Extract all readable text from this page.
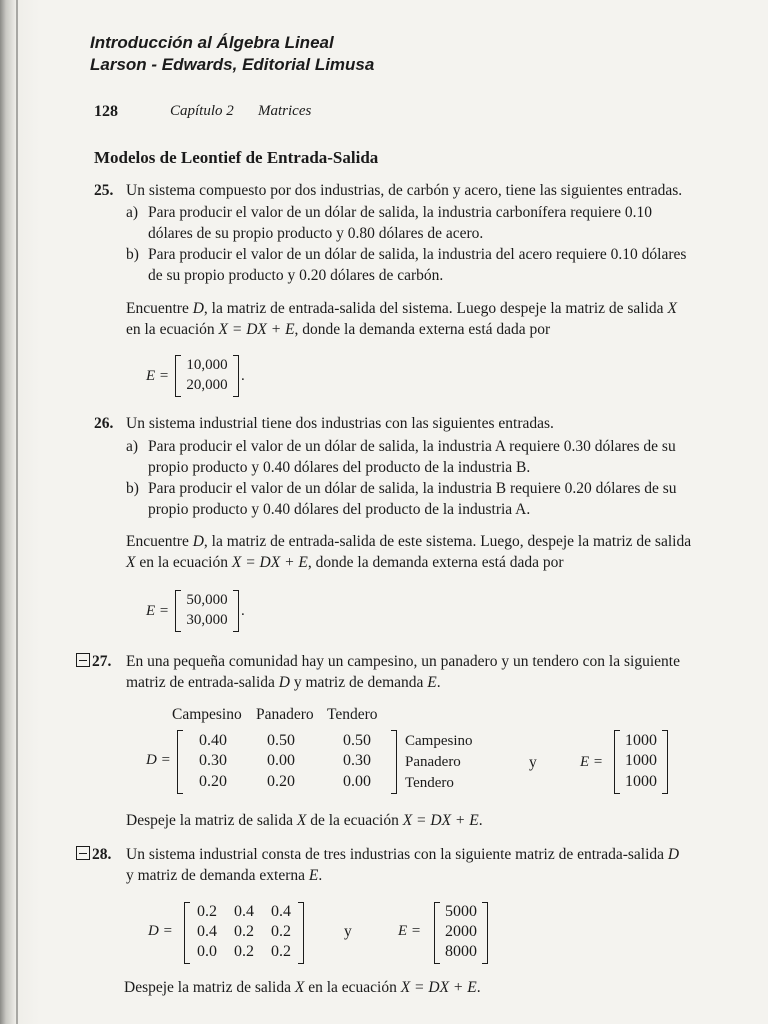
Introducción al Álgebra Lineal
Larson - Edwards, Editorial Limusa
128	Capítulo 2 Matrices
Modelos de Leontief de Entrada-Salida
25. Un sistema compuesto por dos industrias, de carbón y acero, tiene las siguientes entradas.
a) Para producir el valor de un dólar de salida, la industria carbonífera requiere 0.10
dólares de su propio producto y 0.80 dólares de acero.
b) Para producir el valor de un dólar de salida, la industria del acero requiere 0.10 dólares
de su propio producto y 0.20 dólares de carbón.
Encuentre D, la matriz de entrada-salida del sistema. Luego despeje la matriz de salida X
en la ecuación X = DX + E, donde la demanda externa está dada por
E =
10,000
20,000
.
26. Un sistema industrial tiene dos industrias con las siguientes entradas.
a) Para producir el valor de un dólar de salida, la industria A requiere 0.30 dólares de su
propio producto y 0.40 dólares del producto de la industria B.
b) Para producir el valor de un dólar de salida, la industria B requiere 0.20 dólares de su
propio producto y 0.40 dólares del producto de la industria A.
Encuentre D, la matriz de entrada-salida de este sistema. Luego, despeje la matriz de salida
X en la ecuación X = DX + E, donde la demanda externa está dada por
E =
50,000
30,000
.
27. En una pequeña comunidad hay un campesino, un panadero y un tendero con la siguiente
matriz de entrada-salida D y matriz de demanda E.
Campesino Panadero Tendero
D =
0.40	0.50	0.50
0.30	0.00	0.30
0.20	0.20	0.00
Campesino
Panadero
Tendero
y	E =
1000
1000
1000
Despeje la matriz de salida X de la ecuación X = DX + E.
28. Un sistema industrial consta de tres industrias con la siguiente matriz de entrada-salida D
y matriz de demanda externa E.
D =
0.2	0.4	0.4
0.4	0.2	0.2
0.0	0.2	0.2
y	E =
5000
2000
8000
Despeje la matriz de salida X en la ecuación X = DX + E.
